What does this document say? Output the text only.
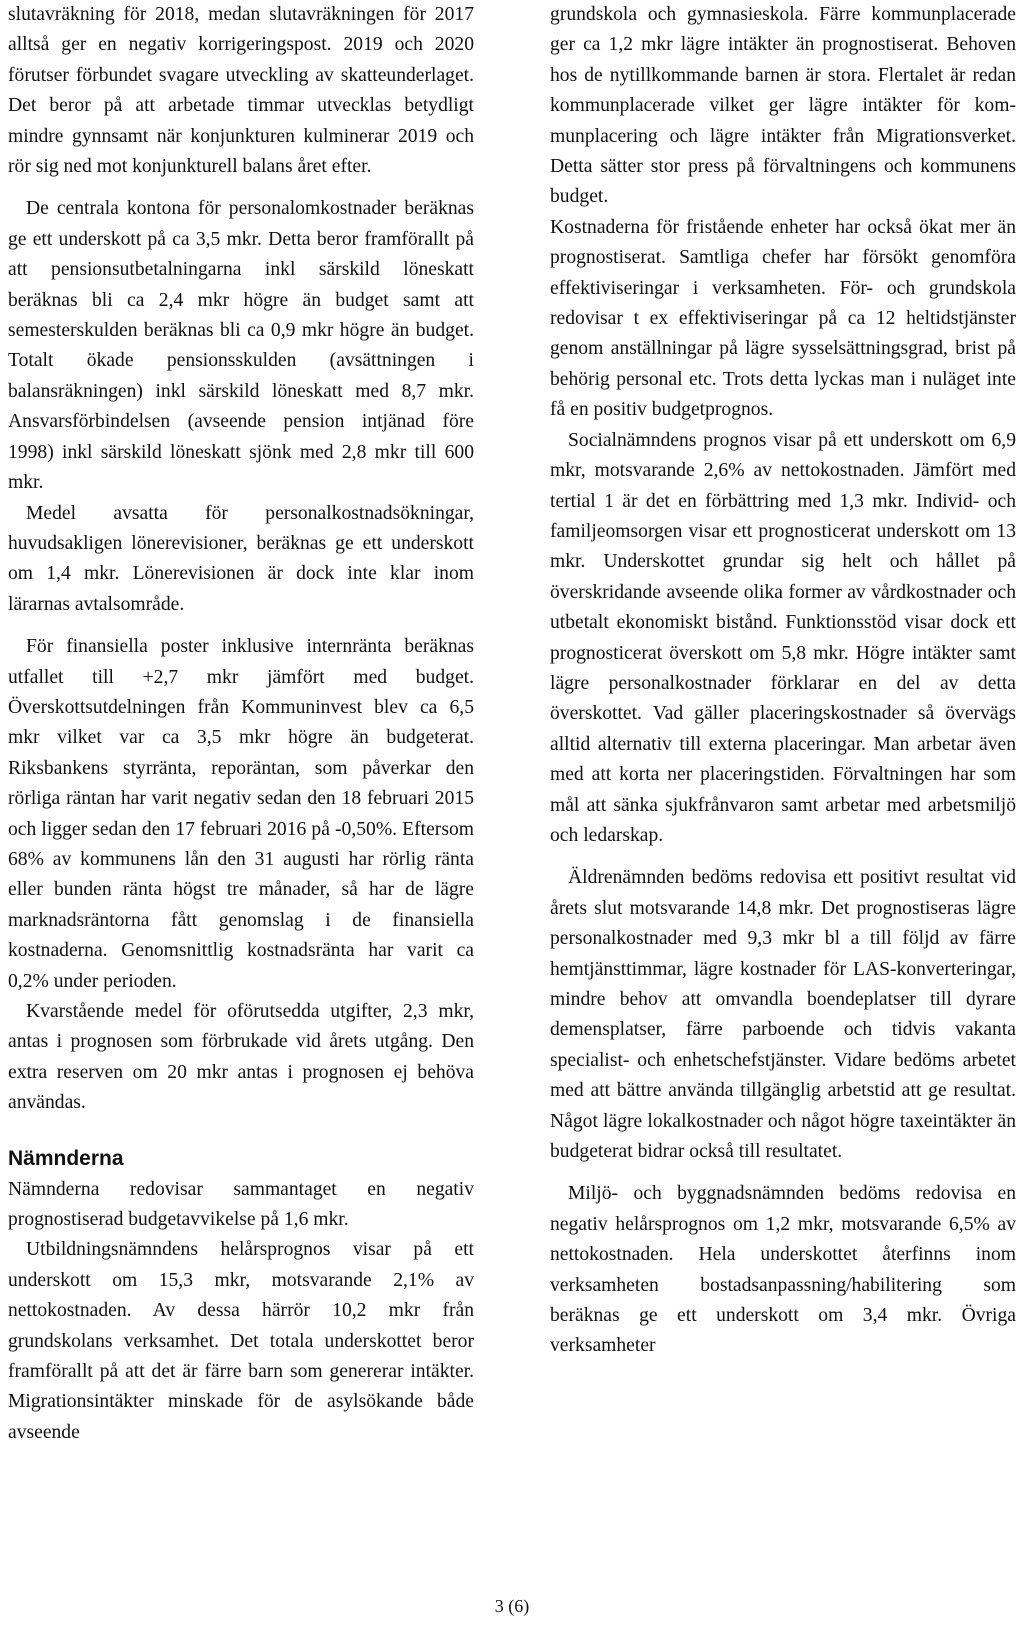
slutavräkning för 2018, medan slutavräkningen för 2017 alltså ger en negativ korrigeringspost. 2019 och 2020 förutser förbundet svagare utveckling av skatteunderlaget. Det beror på att arbetade timmar utvecklas betydligt mindre gynnsamt när konjunkturen kulminerar 2019 och rör sig ned mot konjunkturell balans året efter.

De centrala kontona för personalomkostnader beräknas ge ett underskott på ca 3,5 mkr. Detta beror framförallt på att pensionsutbetalningarna inkl särskild löneskatt beräknas bli ca 2,4 mkr högre än budget samt att semesterskulden beräknas bli ca 0,9 mkr högre än budget. Totalt ökade pensionsskulden (avsättningen i balansräkningen) inkl särskild löneskatt med 8,7 mkr. Ansvarsförbindelsen (avseende pension intjänad före 1998) inkl särskild löneskatt sjönk med 2,8 mkr till 600 mkr.

Medel avsatta för personalkostnadsökningar, huvudsakligen lönerevisioner, beräknas ge ett underskott om 1,4 mkr. Lönerevisionen är dock inte klar inom lärarnas avtalsområde.

För finansiella poster inklusive internränta beräknas utfallet till +2,7 mkr jämfört med budget. Överskottsutdelningen från Kommuninvest blev ca 6,5 mkr vilket var ca 3,5 mkr högre än budgeterat. Riksbankens styrränta, reporäntan, som påverkar den rörliga räntan har varit negativ sedan den 18 februari 2015 och ligger sedan den 17 februari 2016 på -0,50%. Eftersom 68% av kommunens lån den 31 augusti har rörlig ränta eller bunden ränta högst tre månader, så har de lägre marknadsräntorna fått genomslag i de finansiella kostnaderna. Genomsnittlig kostnadsränta har varit ca 0,2% under perioden.

Kvarstående medel för oförutsedda utgifter, 2,3 mkr, antas i prognosen som förbrukade vid årets utgång. Den extra reserven om 20 mkr antas i prognosen ej behöva användas.

Nämnderna

Nämnderna redovisar sammantaget en negativ prognostiserad budgetavvikelse på 1,6 mkr.

Utbildningsnämndens helårsprognos visar på ett underskott om 15,3 mkr, motsvarande 2,1% av nettokostnaden. Av dessa härrör 10,2 mkr från grundskolans verksamhet. Det totala underskottet beror framförallt på att det är färre barn som genererar intäkter. Migrationsintäkter minskade för de asylsökande både avseende

grundskola och gymnasieskola. Färre kommunplacerade ger ca 1,2 mkr lägre intäkter än prognostiserat. Behoven hos de nytillkommande barnen är stora. Flertalet är redan kommunplacerade vilket ger lägre intäkter för kommunplacering och lägre intäkter från Migrationsverket. Detta sätter stor press på förvaltningens och kommunens budget.

Kostnaderna för fristående enheter har också ökat mer än prognostiserat. Samtliga chefer har försökt genomföra effektiviseringar i verksamheten. För- och grundskola redovisar t ex effektiviseringar på ca 12 heltidstjänster genom anställningar på lägre sysselsättningsgrad, brist på behörig personal etc. Trots detta lyckas man i nuläget inte få en positiv budgetprognos.

Socialnämndens prognos visar på ett underskott om 6,9 mkr, motsvarande 2,6% av nettokostnaden. Jämfört med tertial 1 är det en förbättring med 1,3 mkr. Individ- och familjeomsorgen visar ett prognosticerat underskott om 13 mkr. Underskottet grundar sig helt och hållet på överskridande avseende olika former av vårdkostnader och utbetalt ekonomiskt bistånd. Funktionsstöd visar dock ett prognosticerat överskott om 5,8 mkr. Högre intäkter samt lägre personalkostnader förklarar en del av detta överskottet. Vad gäller placeringskostnader så övervägs alltid alternativ till externa placeringar. Man arbetar även med att korta ner placeringstiden. Förvaltningen har som mål att sänka sjukfrånvaron samt arbetar med arbetsmiljö och ledarskap.

Äldrenämnden bedöms redovisa ett positivt resultat vid årets slut motsvarande 14,8 mkr. Det prognostiseras lägre personalkostnader med 9,3 mkr bl a till följd av färre hemtjänsttimmar, lägre kostnader för LAS-konverteringar, mindre behov att omvandla boendeplatser till dyrare demensplatser, färre parboende och tidvis vakanta specialist- och enhetschefstjänster. Vidare bedöms arbetet med att bättre använda tillgänglig arbetstid att ge resultat. Något lägre lokalkostnader och något högre taxeintäkter än budgeterat bidrar också till resultatet.

Miljö- och byggnadsnämnden bedöms redovisa en negativ helårsprognos om 1,2 mkr, motsvarande 6,5% av nettokostnaden. Hela underskottet återfinns inom verksamheten bostadsanpassning/habilitering som beräknas ge ett underskott om 3,4 mkr. Övriga verksamheter

3 (6)
